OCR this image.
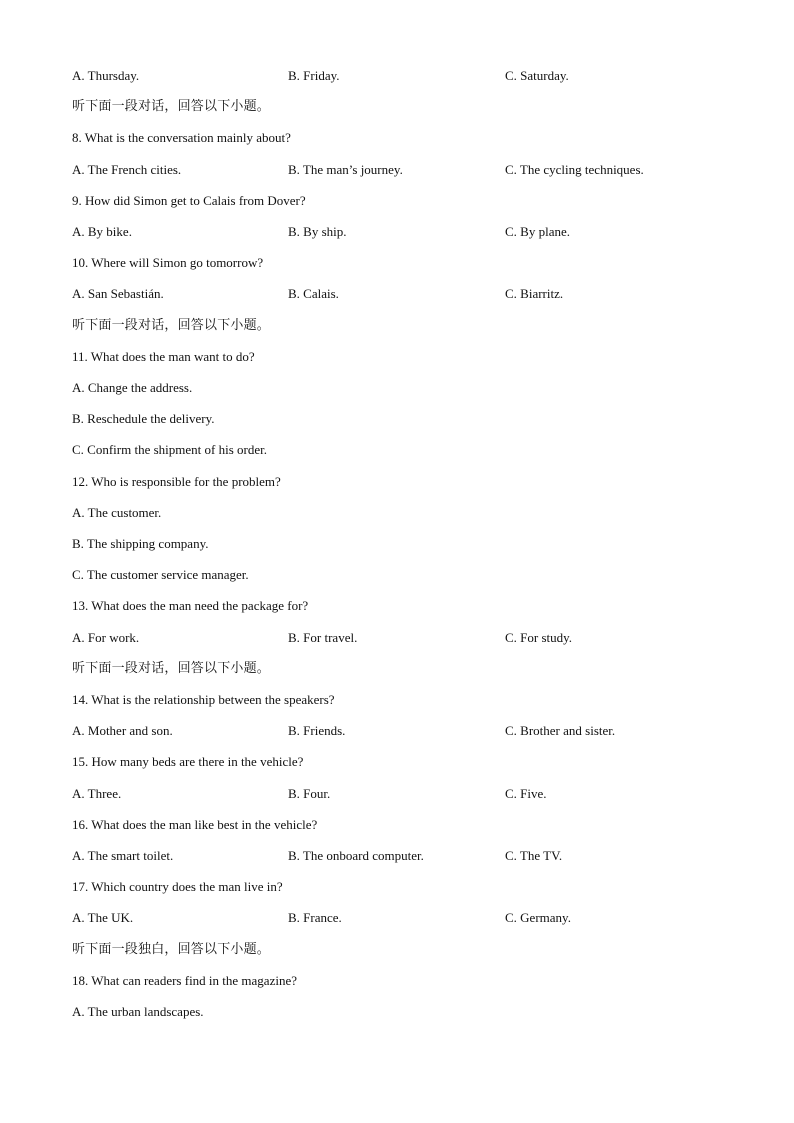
A. Thursday.	B. Friday.	C. Saturday.
听下面一段对话，回答以下小题。
8. What is the conversation mainly about?
A. The French cities.	B. The man’s journey.	C. The cycling techniques.
9. How did Simon get to Calais from Dover?
A. By bike.	B. By ship.	C. By plane.
10. Where will Simon go tomorrow?
A. San Sebastián.	B. Calais.	C. Biarritz.
听下面一段对话，回答以下小题。
11. What does the man want to do?
A. Change the address.
B. Reschedule the delivery.
C. Confirm the shipment of his order.
12. Who is responsible for the problem?
A. The customer.
B. The shipping company.
C. The customer service manager.
13. What does the man need the package for?
A. For work.	B. For travel.	C. For study.
听下面一段对话，回答以下小题。
14. What is the relationship between the speakers?
A. Mother and son.	B. Friends.	C. Brother and sister.
15. How many beds are there in the vehicle?
A. Three.	B. Four.	C. Five.
16. What does the man like best in the vehicle?
A. The smart toilet.	B. The onboard computer.	C. The TV.
17. Which country does the man live in?
A. The UK.	B. France.	C. Germany.
听下面一段独白，回答以下小题。
18. What can readers find in the magazine?
A. The urban landscapes.
